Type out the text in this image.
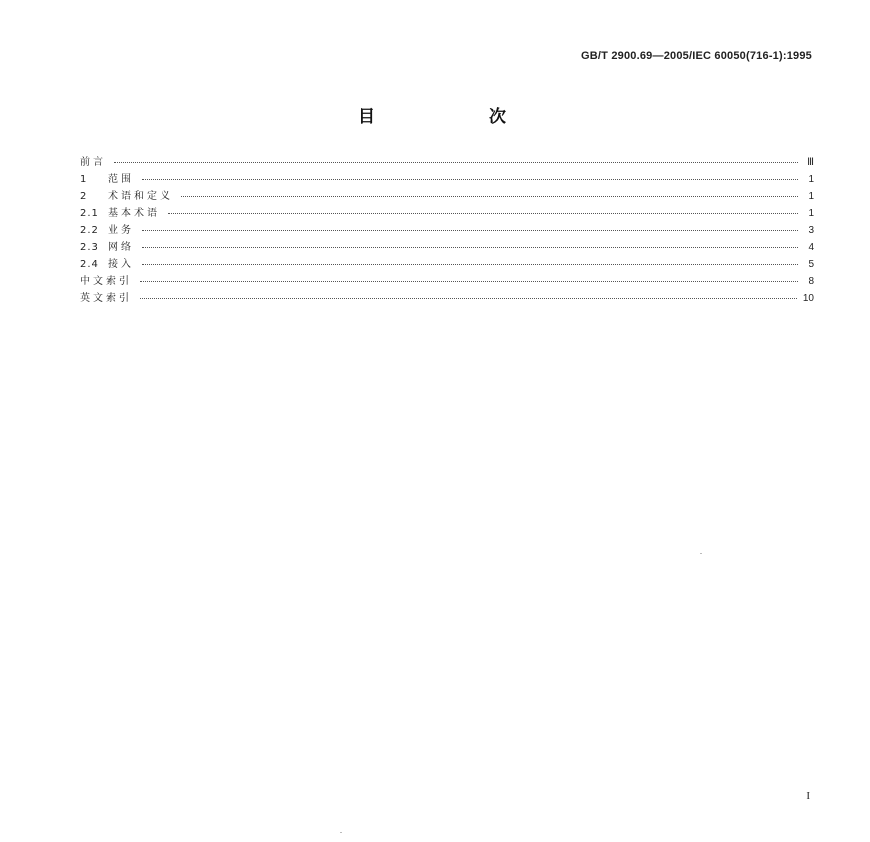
GB/T 2900.69—2005/IEC 60050(716-1):1995
目 次
前言	Ⅲ
1 范围	1
2 术语和定义	1
2.1 基本术语	1
2.2 业务	3
2.3 网络	4
2.4 接入	5
中文索引	8
英文索引	10
I
